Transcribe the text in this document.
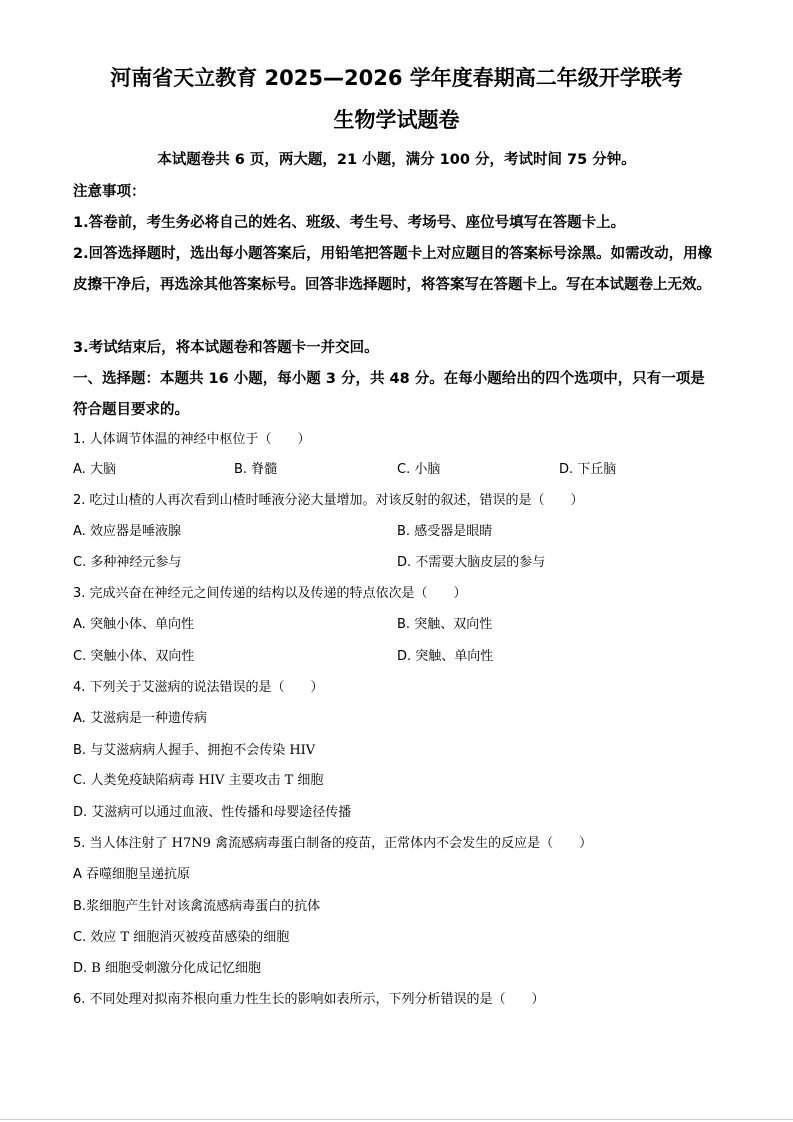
河南省天立教育 2025—2026 学年度春期高二年级开学联考
生物学试题卷
本试题卷共 6 页，两大题，21 小题，满分 100 分，考试时间 75 分钟。
注意事项：
1.答卷前，考生务必将自己的姓名、班级、考生号、考场号、座位号填写在答题卡上。
2.回答选择题时，选出每小题答案后，用铅笔把答题卡上对应题目的答案标号涂黑。如需改动，用橡皮擦干净后，再选涂其他答案标号。回答非选择题时，将答案写在答题卡上。写在本试题卷上无效。
3.考试结束后，将本试题卷和答题卡一并交回。
一、选择题：本题共 16 小题，每小题 3 分，共 48 分。在每小题给出的四个选项中，只有一项是符合题目要求的。
1. 人体调节体温的神经中枢位于（　　）
A. 大脑	B. 脊髓	C. 小脑	D. 下丘脑
2. 吃过山楂的人再次看到山楂时唾液分泌大量增加。对该反射的叙述，错误的是（　　）
A. 效应器是唾液腺	B. 感受器是眼睛
C. 多种神经元参与	D. 不需要大脑皮层的参与
3. 完成兴奋在神经元之间传递的结构以及传递的特点依次是（　　）
A. 突触小体、单向性	B. 突触、双向性
C. 突触小体、双向性	D. 突触、单向性
4. 下列关于艾滋病的说法错误的是（　　）
A. 艾滋病是一种遗传病
B. 与艾滋病病人握手、拥抱不会传染 HIV
C. 人类免疫缺陷病毒 HIV 主要攻击 T 细胞
D. 艾滋病可以通过血液、性传播和母婴途径传播
5. 当人体注射了 H7N9 禽流感病毒蛋白制备的疫苗，正常体内不会发生的反应是（　　）
A 吞噬细胞呈递抗原
B.浆细胞产生针对该禽流感病毒蛋白的抗体
C. 效应 T 细胞消灭被疫苗感染的细胞
D. B 细胞受刺激分化成记忆细胞
6. 不同处理对拟南芥根向重力性生长的影响如表所示，下列分析错误的是（　　）
